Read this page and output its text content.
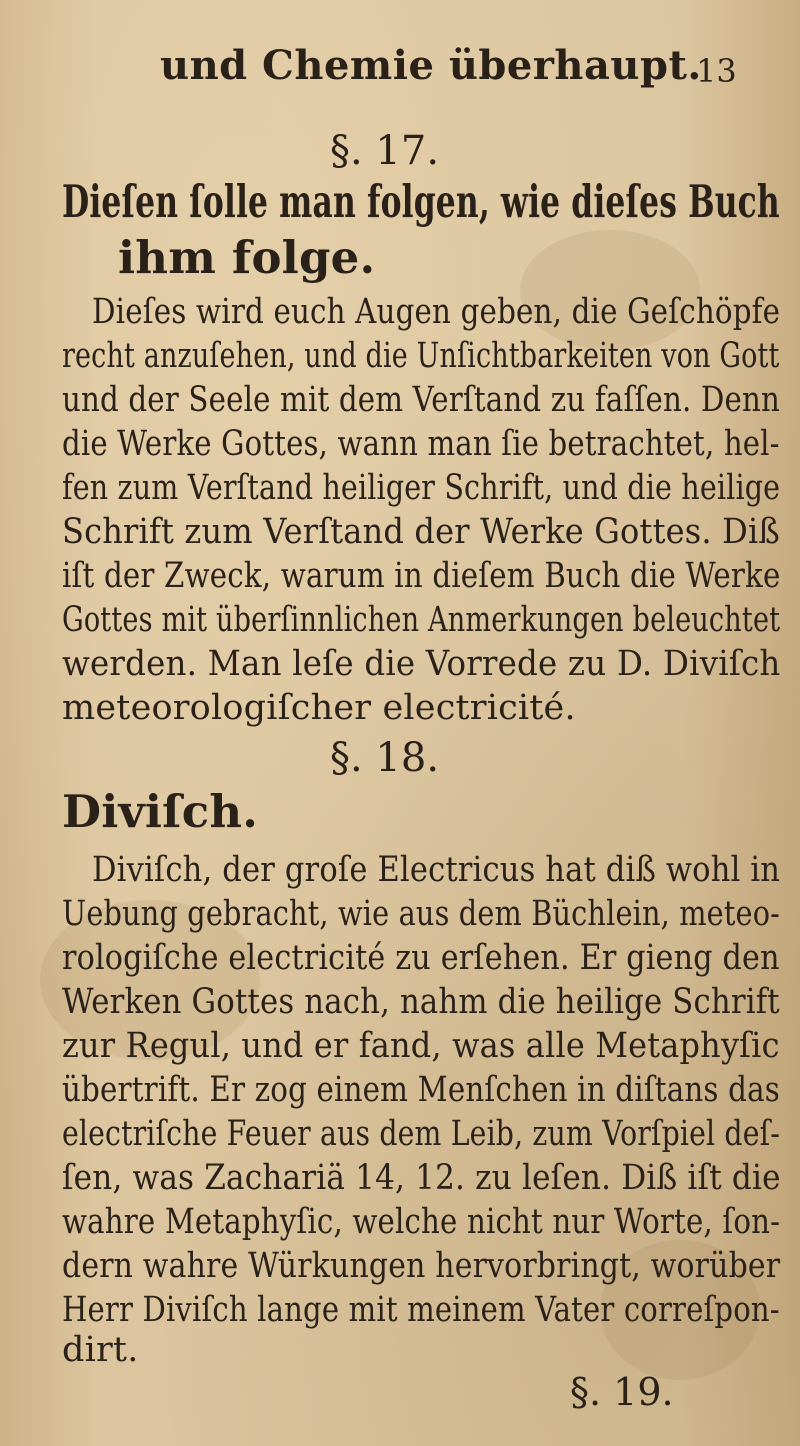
und Chemie überhaupt.
13
§. 17.
Dieſen ſolle man folgen, wie dieſes Buch
ihm folge.
Dieſes wird euch Augen geben, die Geſchöpfe
recht anzuſehen, und die Unſichtbarkeiten von Gott
und der Seele mit dem Verſtand zu faſſen. Denn
die Werke Gottes, wann man ſie betrachtet, hel-
fen zum Verſtand heiliger Schrift, und die heilige
Schrift zum Verſtand der Werke Gottes. Diß
iſt der Zweck, warum in dieſem Buch die Werke
Gottes mit überſinnlichen Anmerkungen beleuchtet
werden. Man leſe die Vorrede zu D. Diviſch
meteorologiſcher electricité.
§. 18.
Diviſch.
Diviſch, der groſe Electricus hat diß wohl in
Uebung gebracht, wie aus dem Büchlein, meteo-
rologiſche electricité zu erſehen. Er gieng den
Werken Gottes nach, nahm die heilige Schrift
zur Regul, und er fand, was alle Metaphyſic
übertrift. Er zog einem Menſchen in diſtans das
electriſche Feuer aus dem Leib, zum Vorſpiel deſ-
ſen, was Zachariä 14, 12. zu leſen. Diß iſt die
wahre Metaphyſic, welche nicht nur Worte, ſon-
dern wahre Würkungen hervorbringt, worüber
Herr Diviſch lange mit meinem Vater correſpon-
dirt.
§. 19.
